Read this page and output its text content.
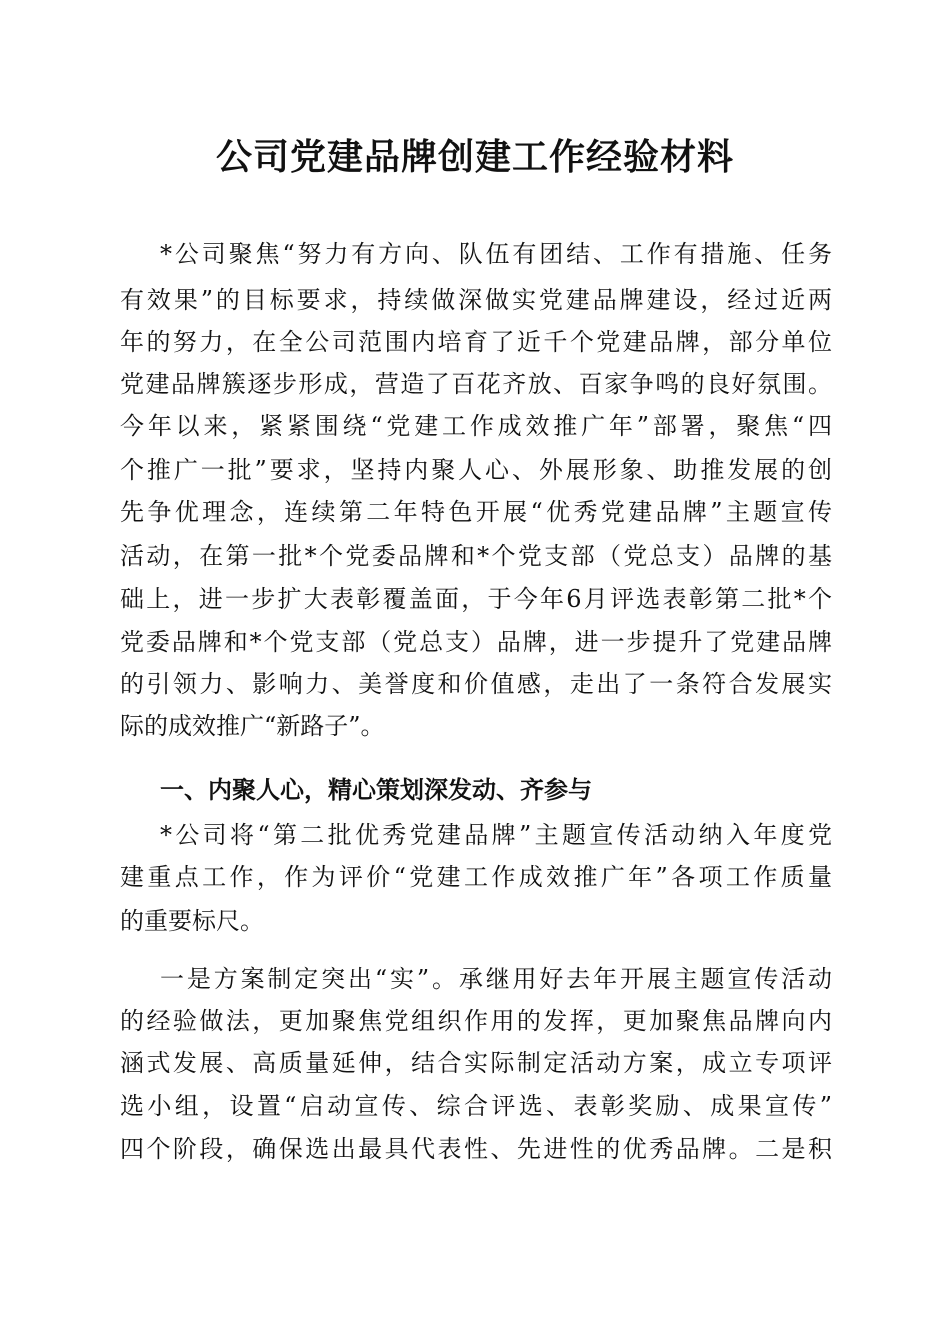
公司党建品牌创建工作经验材料
*公司聚焦“努力有方向、队伍有团结、工作有措施、任务
有效果”的目标要求，持续做深做实党建品牌建设，经过近两
年的努力，在全公司范围内培育了近千个党建品牌，部分单位
党建品牌簇逐步形成，营造了百花齐放、百家争鸣的良好氛围。
今年以来，紧紧围绕“党建工作成效推广年”部署，聚焦“四
个推广一批”要求，坚持内聚人心、外展形象、助推发展的创
先争优理念，连续第二年特色开展“优秀党建品牌”主题宣传
活动，在第一批*个党委品牌和*个党支部（党总支）品牌的基
础上，进一步扩大表彰覆盖面，于今年6月评选表彰第二批*个
党委品牌和*个党支部（党总支）品牌，进一步提升了党建品牌
的引领力、影响力、美誉度和价值感，走出了一条符合发展实
际的成效推广“新路子”。
一、内聚人心，精心策划深发动、齐参与
*公司将“第二批优秀党建品牌”主题宣传活动纳入年度党
建重点工作，作为评价“党建工作成效推广年”各项工作质量
的重要标尺。
一是方案制定突出“实”。承继用好去年开展主题宣传活动
的经验做法，更加聚焦党组织作用的发挥，更加聚焦品牌向内
涵式发展、高质量延伸，结合实际制定活动方案，成立专项评
选小组，设置“启动宣传、综合评选、表彰奖励、成果宣传”
四个阶段，确保选出最具代表性、先进性的优秀品牌。二是积
